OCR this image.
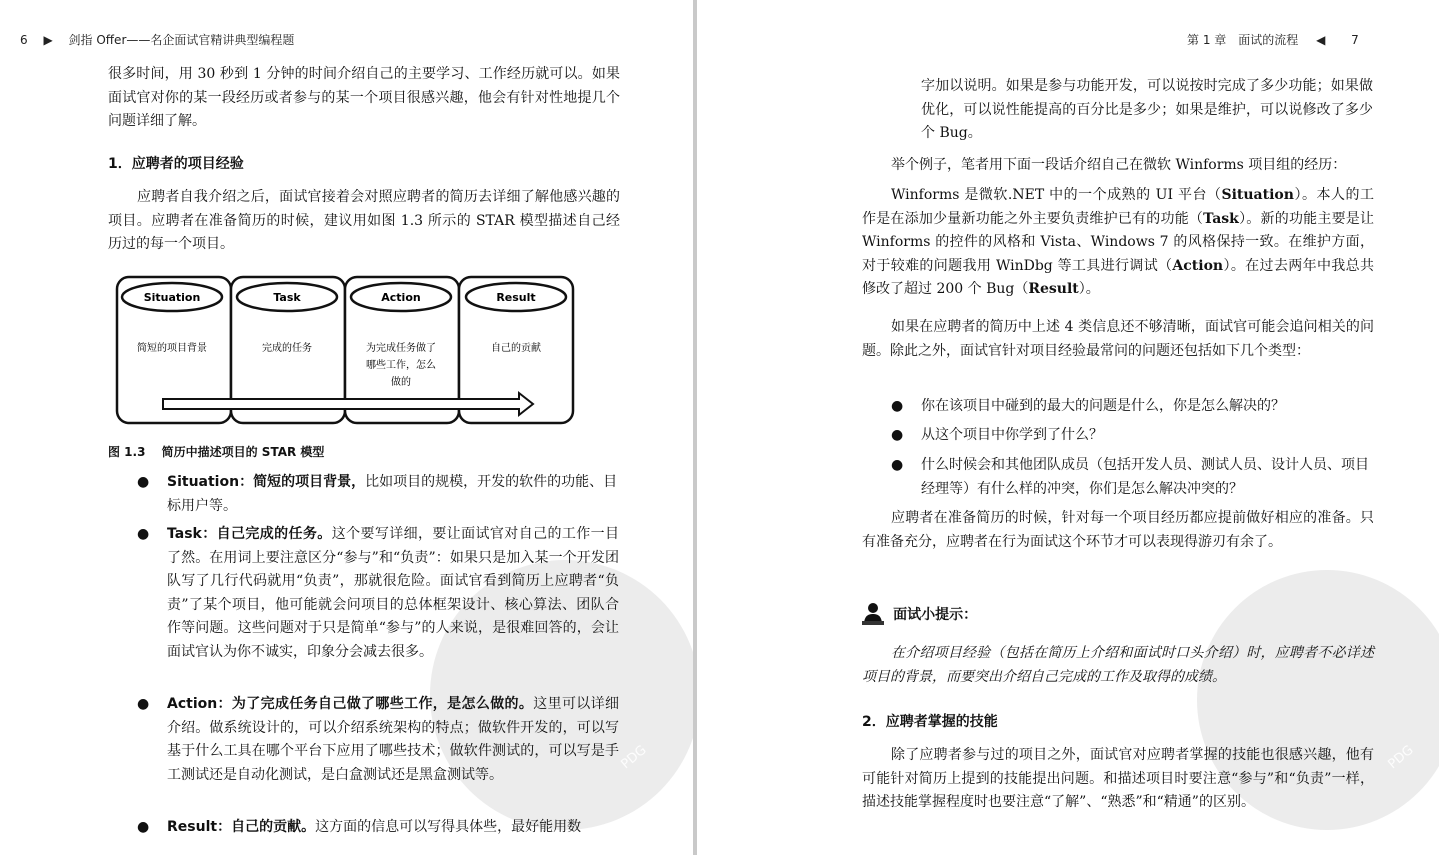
PDG
6 ▶ 剑指 Offer——名企面试官精讲典型编程题

很多时间，用 30 秒到 1 分钟的时间介绍自己的主要学习、工作经历就可以。如果面试官对你的某一段经历或者参与的某一个项目很感兴趣，他会有针对性地提几个问题详细了解。

1．应聘者的项目经验

应聘者自我介绍之后，面试官接着会对照应聘者的简历去详细了解他感兴趣的项目。应聘者在准备简历的时候，建议用如图 1.3 所示的 STAR 模型描述自己经历过的每一个项目。

Situation
简短的项目背景
Task
完成的任务
Action
为完成任务做了
哪些工作，怎么
做的
Result
自己的贡献
图 1.3 简历中描述项目的 STAR 模型
● Situation：简短的项目背景，比如项目的规模，开发的软件的功能、目标用户等。
● Task：自己完成的任务。这个要写详细，要让面试官对自己的工作一目了然。在用词上要注意区分“参与”和“负责”：如果只是加入某一个开发团队写了几行代码就用“负责”，那就很危险。面试官看到简历上应聘者“负责”了某个项目，他可能就会问项目的总体框架设计、核心算法、团队合作等问题。这些问题对于只是简单“参与”的人来说，是很难回答的，会让面试官认为你不诚实，印象分会减去很多。
● Action：为了完成任务自己做了哪些工作，是怎么做的。这里可以详细介绍。做系统设计的，可以介绍系统架构的特点；做软件开发的，可以写基于什么工具在哪个平台下应用了哪些技术；做软件测试的，可以写是手工测试还是自动化测试，是白盒测试还是黑盒测试等。
● Result：自己的贡献。这方面的信息可以写得具体些，最好能用数
PDG
第 1 章　面试的流程 ◀ 7

字加以说明。如果是参与功能开发，可以说按时完成了多少功能；如果做优化，可以说性能提高的百分比是多少；如果是维护，可以说修改了多少个 Bug。

举个例子，笔者用下面一段话介绍自己在微软 Winforms 项目组的经历：

Winforms 是微软.NET 中的一个成熟的 UI 平台（Situation）。本人的工作是在添加少量新功能之外主要负责维护已有的功能（Task）。新的功能主要是让 Winforms 的控件的风格和 Vista、Windows 7 的风格保持一致。在维护方面，对于较难的问题我用 WinDbg 等工具进行调试（Action）。在过去两年中我总共修改了超过 200 个 Bug（Result）。

如果在应聘者的简历中上述 4 类信息还不够清晰，面试官可能会追问相关的问题。除此之外，面试官针对项目经验最常问的问题还包括如下几个类型：

● 你在该项目中碰到的最大的问题是什么，你是怎么解决的？
● 从这个项目中你学到了什么？
● 什么时候会和其他团队成员（包括开发人员、测试人员、设计人员、项目经理等）有什么样的冲突，你们是怎么解决冲突的？

应聘者在准备简历的时候，针对每一个项目经历都应提前做好相应的准备。只有准备充分，应聘者在行为面试这个环节才可以表现得游刃有余了。

面试小提示：

在介绍项目经验（包括在简历上介绍和面试时口头介绍）时，应聘者不必详述项目的背景，而要突出介绍自己完成的工作及取得的成绩。

2．应聘者掌握的技能

除了应聘者参与过的项目之外，面试官对应聘者掌握的技能也很感兴趣，他有可能针对简历上提到的技能提出问题。和描述项目时要注意“参与”和“负责”一样，描述技能掌握程度时也要注意“了解”、“熟悉”和“精通”的区别。
